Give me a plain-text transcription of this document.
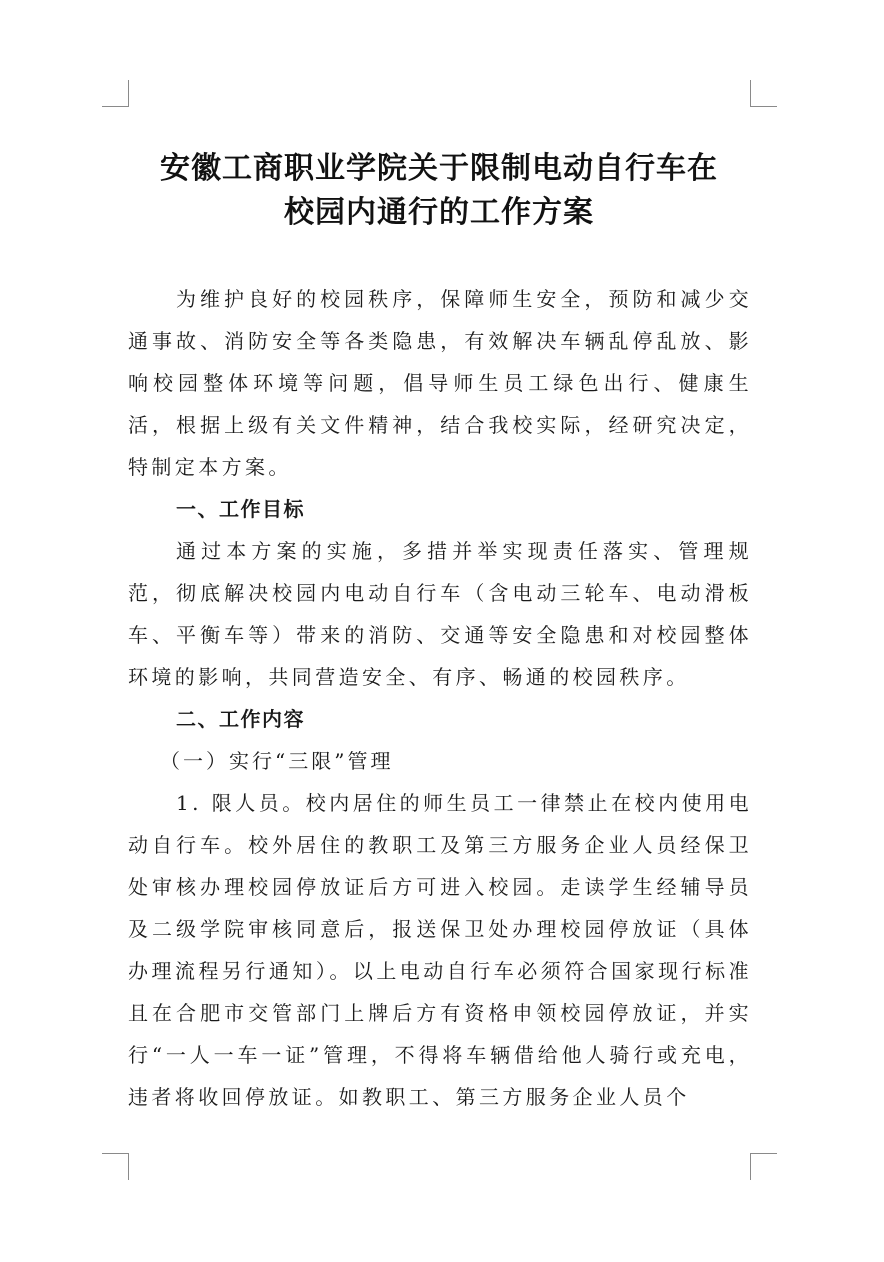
安徽工商职业学院关于限制电动自行车在
校园内通行的工作方案

为维护良好的校园秩序，保障师生安全，预防和减少交通事故、消防安全等各类隐患，有效解决车辆乱停乱放、影响校园整体环境等问题，倡导师生员工绿色出行、健康生活，根据上级有关文件精神，结合我校实际，经研究决定，特制定本方案。

一、工作目标

通过本方案的实施，多措并举实现责任落实、管理规范，彻底解决校园内电动自行车（含电动三轮车、电动滑板车、平衡车等）带来的消防、交通等安全隐患和对校园整体环境的影响，共同营造安全、有序、畅通的校园秩序。

二、工作内容

（一）实行“三限”管理

1. 限人员。校内居住的师生员工一律禁止在校内使用电动自行车。校外居住的教职工及第三方服务企业人员经保卫处审核办理校园停放证后方可进入校园。走读学生经辅导员及二级学院审核同意后，报送保卫处办理校园停放证（具体办理流程另行通知）。以上电动自行车必须符合国家现行标准且在合肥市交管部门上牌后方有资格申领校园停放证，并实行“一人一车一证”管理，不得将车辆借给他人骑行或充电，违者将收回停放证。如教职工、第三方服务企业人员个
